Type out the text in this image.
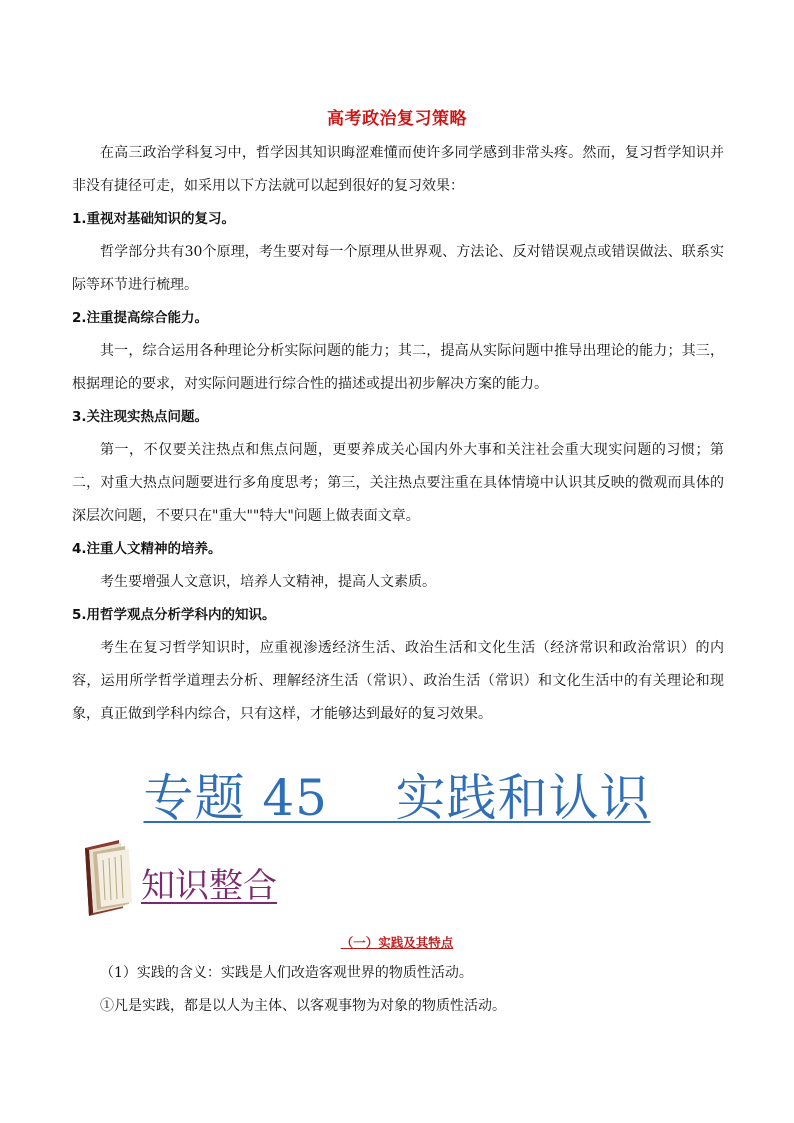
高考政治复习策略

在高三政治学科复习中，哲学因其知识晦涩难懂而使许多同学感到非常头疼。然而，复习哲学知识并非没有捷径可走，如采用以下方法就可以起到很好的复习效果：

1.重视对基础知识的复习。

哲学部分共有30个原理，考生要对每一个原理从世界观、方法论、反对错误观点或错误做法、联系实际等环节进行梳理。

2.注重提高综合能力。

其一，综合运用各种理论分析实际问题的能力；其二，提高从实际问题中推导出理论的能力；其三，根据理论的要求，对实际问题进行综合性的描述或提出初步解决方案的能力。

3.关注现实热点问题。

第一，不仅要关注热点和焦点问题，更要养成关心国内外大事和关注社会重大现实问题的习惯；第二，对重大热点问题要进行多角度思考；第三，关注热点要注重在具体情境中认识其反映的微观而具体的深层次问题，不要只在"重大""特大"问题上做表面文章。

4.注重人文精神的培养。

考生要增强人文意识，培养人文精神，提高人文素质。

5.用哲学观点分析学科内的知识。

考生在复习哲学知识时，应重视渗透经济生活、政治生活和文化生活（经济常识和政治常识）的内容，运用所学哲学道理去分析、理解经济生活（常识）、政治生活（常识）和文化生活中的有关理论和现象，真正做到学科内综合，只有这样，才能够达到最好的复习效果。

专题 45    实践和认识
知识整合
（一）实践及其特点
（1）实践的含义：实践是人们改造客观世界的物质性活动。
①凡是实践，都是以人为主体、以客观事物为对象的物质性活动。
